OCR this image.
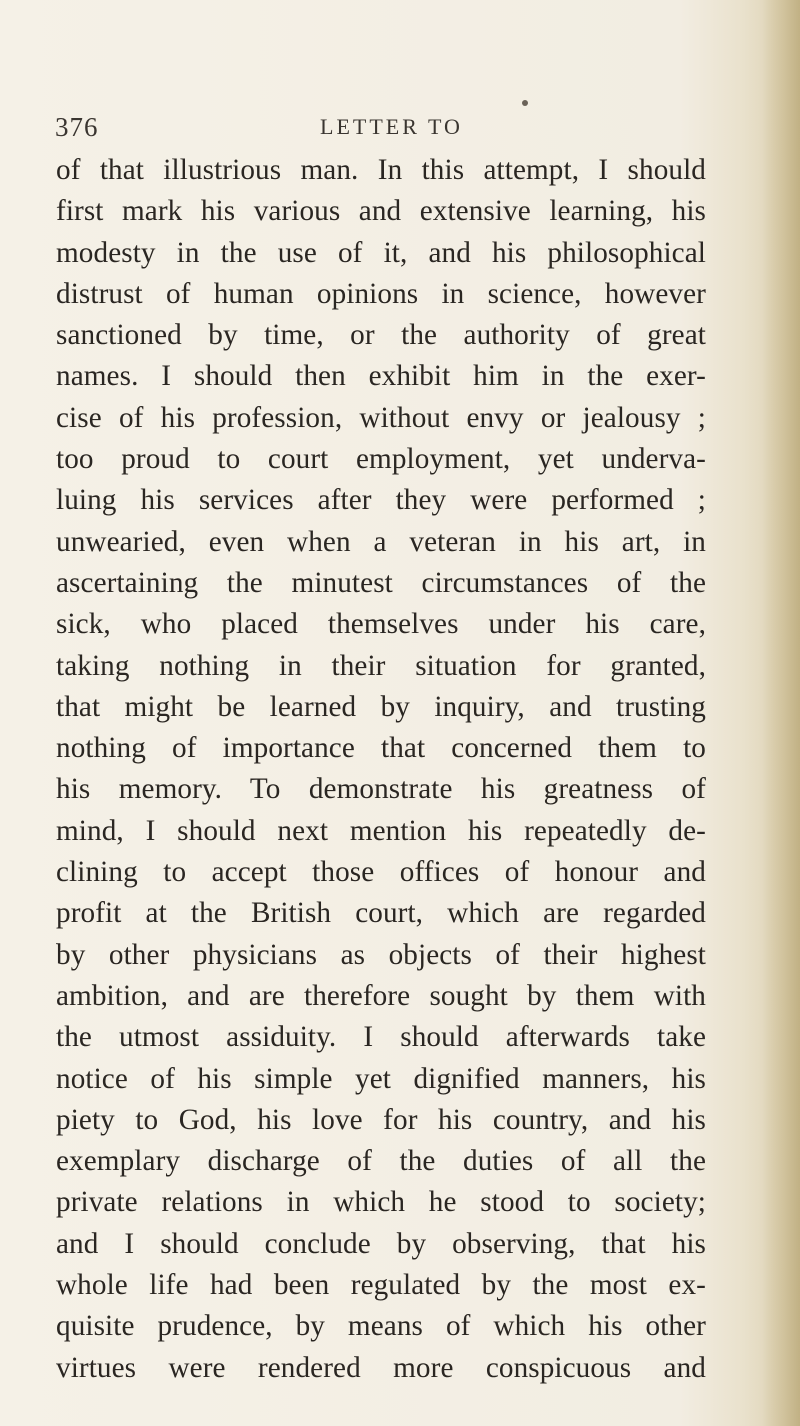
376	LETTER TO
of that illustrious man. In this attempt, I should
first mark his various and extensive learning, his
modesty in the use of it, and his philosophical
distrust of human opinions in science, however
sanctioned by time, or the authority of great
names. I should then exhibit him in the exer-
cise of his profession, without envy or jealousy ;
too proud to court employment, yet underva-
luing his services after they were performed ;
unwearied, even when a veteran in his art, in
ascertaining the minutest circumstances of the
sick, who placed themselves under his care,
taking nothing in their situation for granted,
that might be learned by inquiry, and trusting
nothing of importance that concerned them to
his memory. To demonstrate his greatness of
mind, I should next mention his repeatedly de-
clining to accept those offices of honour and
profit at the British court, which are regarded
by other physicians as objects of their highest
ambition, and are therefore sought by them with
the utmost assiduity. I should afterwards take
notice of his simple yet dignified manners, his
piety to God, his love for his country, and his
exemplary discharge of the duties of all the
private relations in which he stood to society;
and I should conclude by observing, that his
whole life had been regulated by the most ex-
quisite prudence, by means of which his other
virtues were rendered more conspicuous and
